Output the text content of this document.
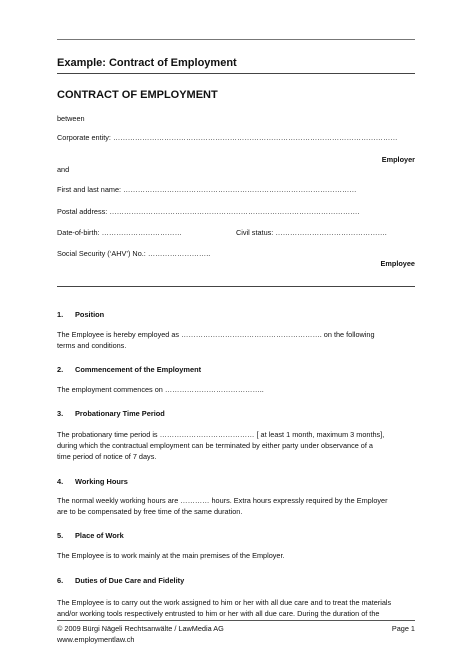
Example: Contract of Employment
CONTRACT OF EMPLOYMENT
between
Corporate entity: ………………………………………………………………………………………………………
Employer
and
First and last name: ……………………………………………………………………………………
Postal address: ………………………………………………………………………………………….
Date-of-birth: ……………………………	Civil status: ……………………………………….
Social Security (‘AHV’) No.: ……………………..
Employee
1. Position
The Employee is hereby employed as …………………………………………………. on the following
terms and conditions.
2. Commencement of the Employment
The employment commences on …………………………………..
3. Probationary Time Period
The probationary time period is ………………………………… [ at least 1 month, maximum 3 months],
during which the contractual employment can be terminated by either party under observance of a
time period of notice of 7 days.
4. Working Hours
The normal weekly working hours are ………… hours. Extra hours expressly required by the Employer
are to be compensated by free time of the same duration.
5. Place of Work
The Employee is to work mainly at the main premises of the Employer.
6. Duties of Due Care and Fidelity
The Employee is to carry out the work assigned to him or her with all due care and to treat the materials
and/or working tools respectively entrusted to him or her with all due care. During the duration of the
© 2009 Bürgi Nägeli Rechtsanwälte / LawMedia AG
www.employmentlaw.ch
Page 1
